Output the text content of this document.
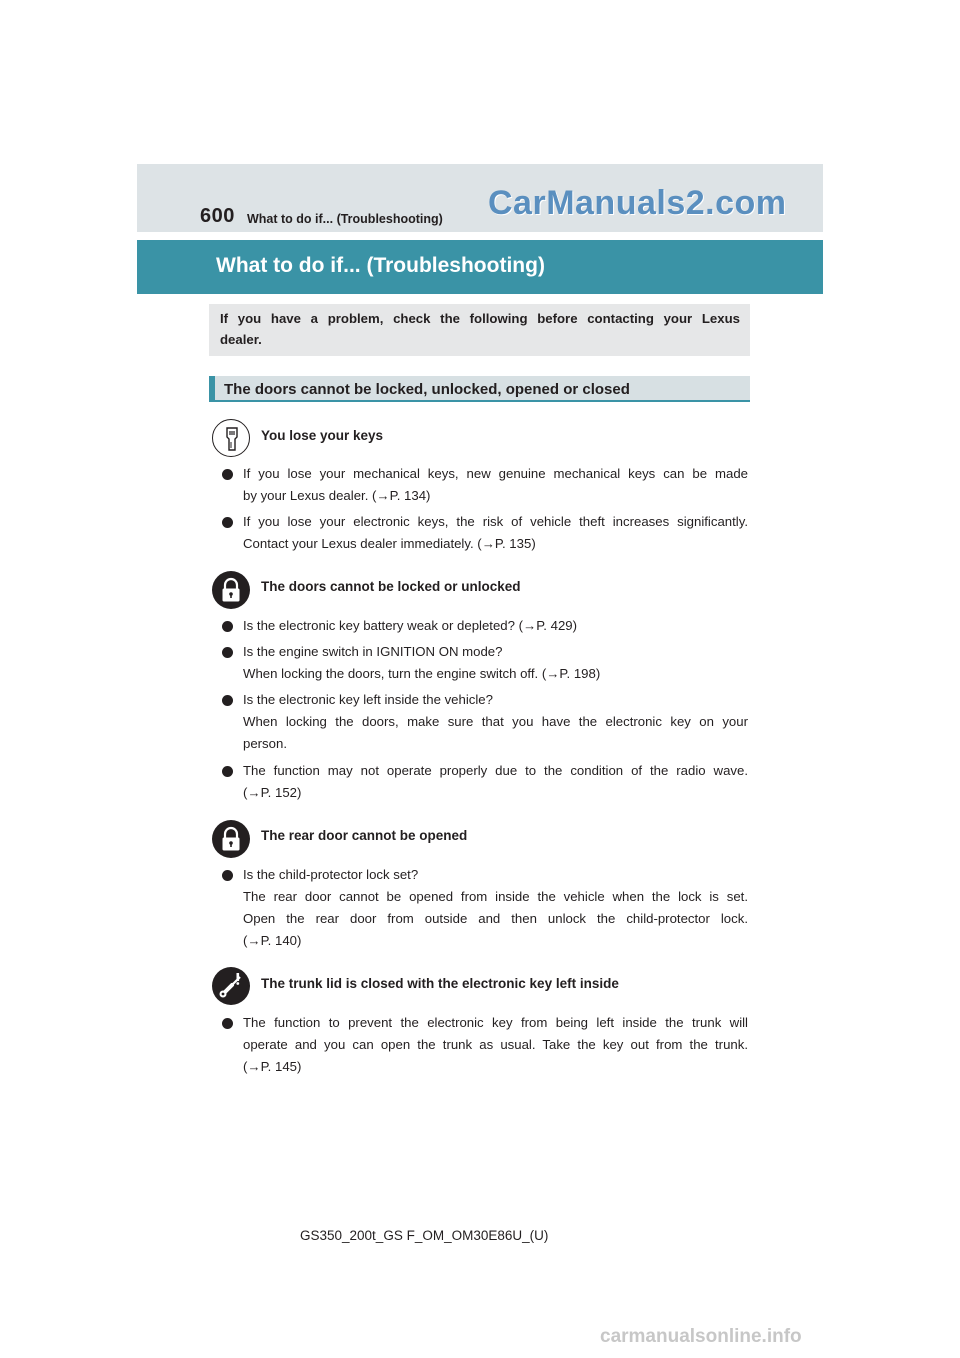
600 What to do if... (Troubleshooting) CarManuals2.com
What to do if... (Troubleshooting)
If you have a problem, check the following before contacting your Lexus dealer.
The doors cannot be locked, unlocked, opened or closed
You lose your keys
If you lose your mechanical keys, new genuine mechanical keys can be made
by your Lexus dealer. (→P. 134)
If you lose your electronic keys, the risk of vehicle theft increases significantly.
Contact your Lexus dealer immediately. (→P. 135)
The doors cannot be locked or unlocked
Is the electronic key battery weak or depleted? (→P. 429)
Is the engine switch in IGNITION ON mode?
When locking the doors, turn the engine switch off. (→P. 198)
Is the electronic key left inside the vehicle?
When locking the doors, make sure that you have the electronic key on your
person.
The function may not operate properly due to the condition of the radio wave.
(→P. 152)
The rear door cannot be opened
Is the child-protector lock set?
The rear door cannot be opened from inside the vehicle when the lock is set.
Open the rear door from outside and then unlock the child-protector lock.
(→P. 140)
The trunk lid is closed with the electronic key left inside
The function to prevent the electronic key from being left inside the trunk will
operate and you can open the trunk as usual. Take the key out from the trunk.
(→P. 145)
GS350_200t_GS F_OM_OM30E86U_(U)
carmanualsonline.info
